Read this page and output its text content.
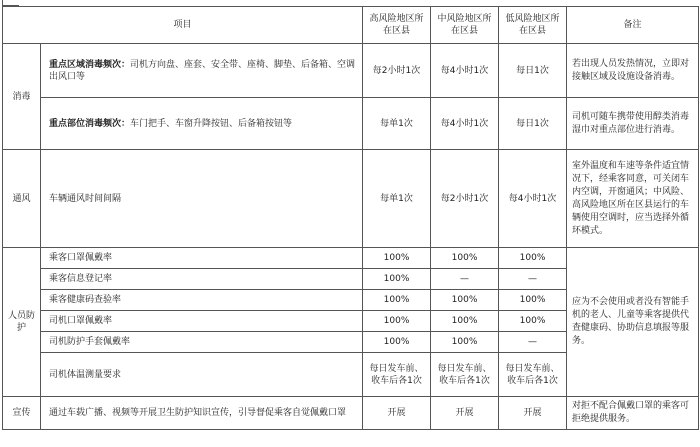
项目		高风险地区所在区县	中风险地区所在区县	低风险地区所在区县	备注
消毒	重点区域消毒频次：司机方向盘、座套、安全带、座椅、脚垫、后备箱、空调出风口等	每2小时1次	每4小时1次	每日1次	若出现人员发热情况，立即对接触区域及设施设备消毒。
	重点部位消毒频次：车门把手、车窗升降按钮、后备箱按钮等	每单1次	每4小时1次	每日1次	司机可随车携带使用醇类消毒湿巾对重点部位进行消毒。
通风	车辆通风时间间隔	每单1次	每2小时1次	每4小时1次	室外温度和车速等条件适宜情况下，经乘客同意，可关闭车内空调，开窗通风；中风险、高风险地区所在区县运行的车辆使用空调时，应当选择外循环模式。
人员防护	乘客口罩佩戴率	100%	100%	100%	应为不会使用或者没有智能手机的老人、儿童等乘客提供代查健康码、协助信息填报等服务。
	乘客信息登记率	100%	—	—	
	乘客健康码查验率	100%	100%	100%	
	司机口罩佩戴率	100%	100%	100%	
	司机防护手套佩戴率	100%	100%	—	
	司机体温测量要求	每日发车前、收车后各1次	每日发车前、收车后各1次	每日发车前、收车后各1次	
宣传	通过车载广播、视频等开展卫生防护知识宣传，引导督促乘客自觉佩戴口罩	开展	开展	开展	对拒不配合佩戴口罩的乘客可拒绝提供服务。
